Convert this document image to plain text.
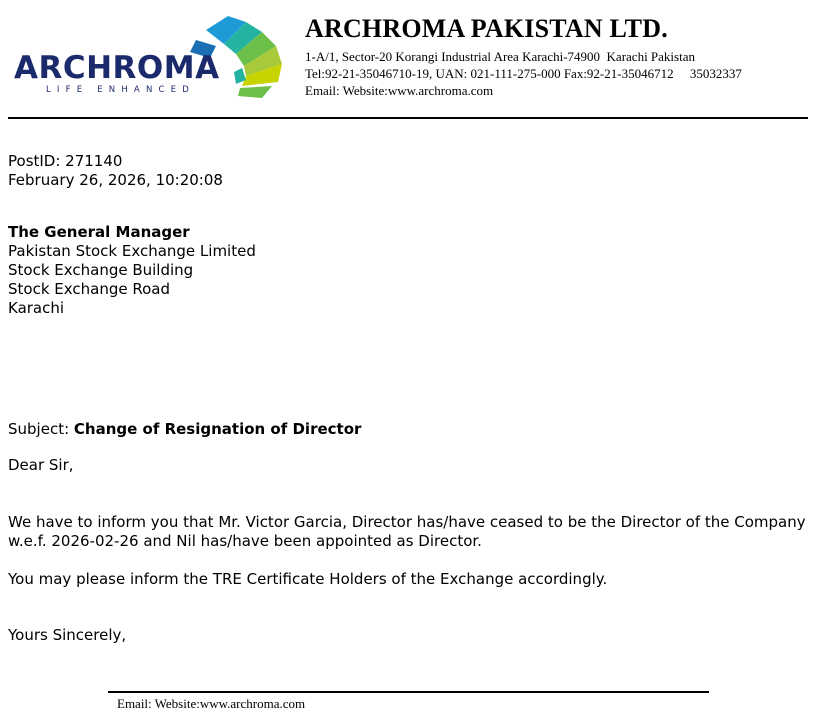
ARCHROMA
LIFE ENHANCED
ARCHROMA PAKISTAN LTD.
1-A/1, Sector-20 Korangi Industrial Area Karachi-74900  Karachi Pakistan
Tel:92-21-35046710-19, UAN: 021-111-275-000 Fax:92-21-35046712     35032337
Email: Website:www.archroma.com
PostID: 271140
February 26, 2026, 10:20:08
The General Manager
Pakistan Stock Exchange Limited
Stock Exchange Building
Stock Exchange Road
Karachi
Subject: Change of Resignation of Director
Dear Sir,
We have to inform you that Mr. Victor Garcia, Director has/have ceased to be the Director of the Company w.e.f. 2026-02-26 and Nil has/have been appointed as Director.
You may please inform the TRE Certificate Holders of the Exchange accordingly.
Yours Sincerely,
Email: Website:www.archroma.com
